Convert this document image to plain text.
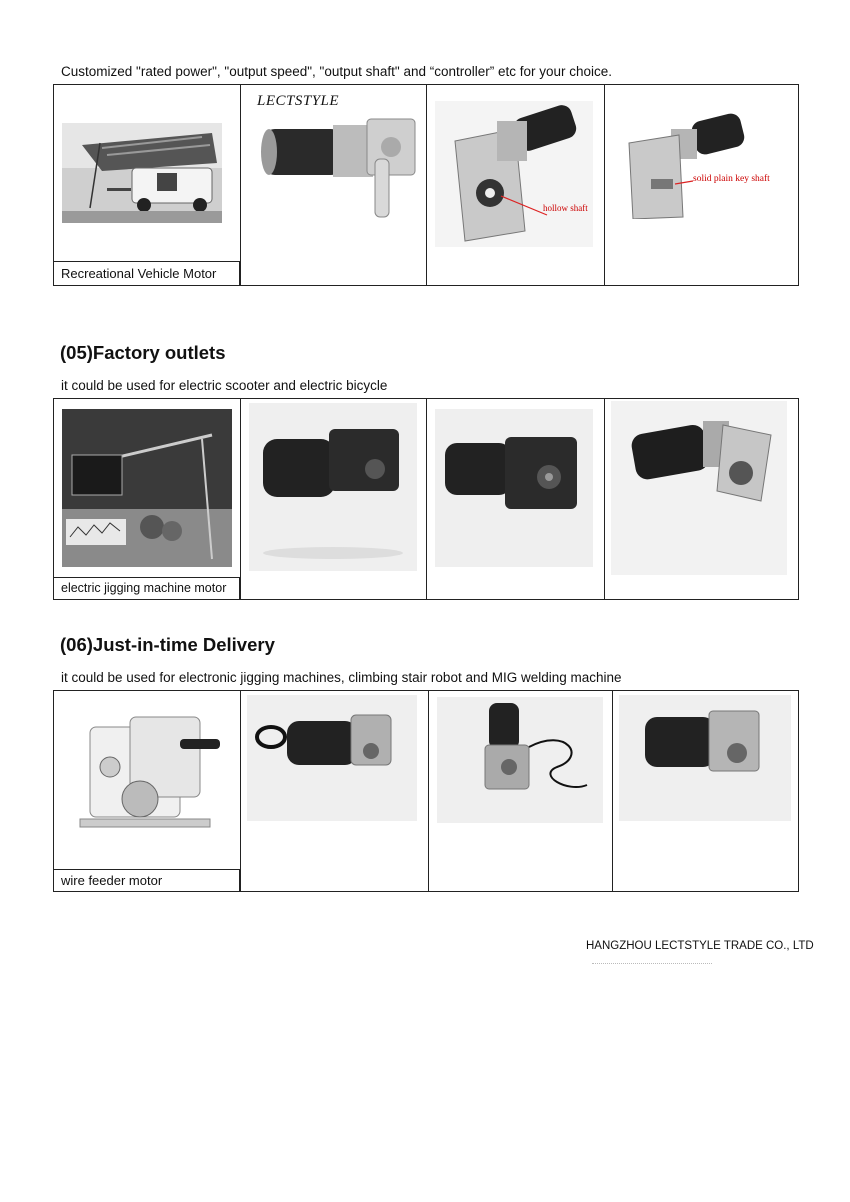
Customized "rated power", "output speed", "output shaft" and “controller” etc for your choice.
Recreational Vehicle Motor
LECTSTYLE
hollow shaft
solid plain key shaft
(05)Factory outlets
it could be used for electric scooter and electric bicycle
electric jigging machine motor
(06)Just-in-time Delivery
it could be used for electronic jigging machines, climbing stair robot and MIG welding machine
wire feeder motor
HANGZHOU LECTSTYLE TRADE CO., LTD
